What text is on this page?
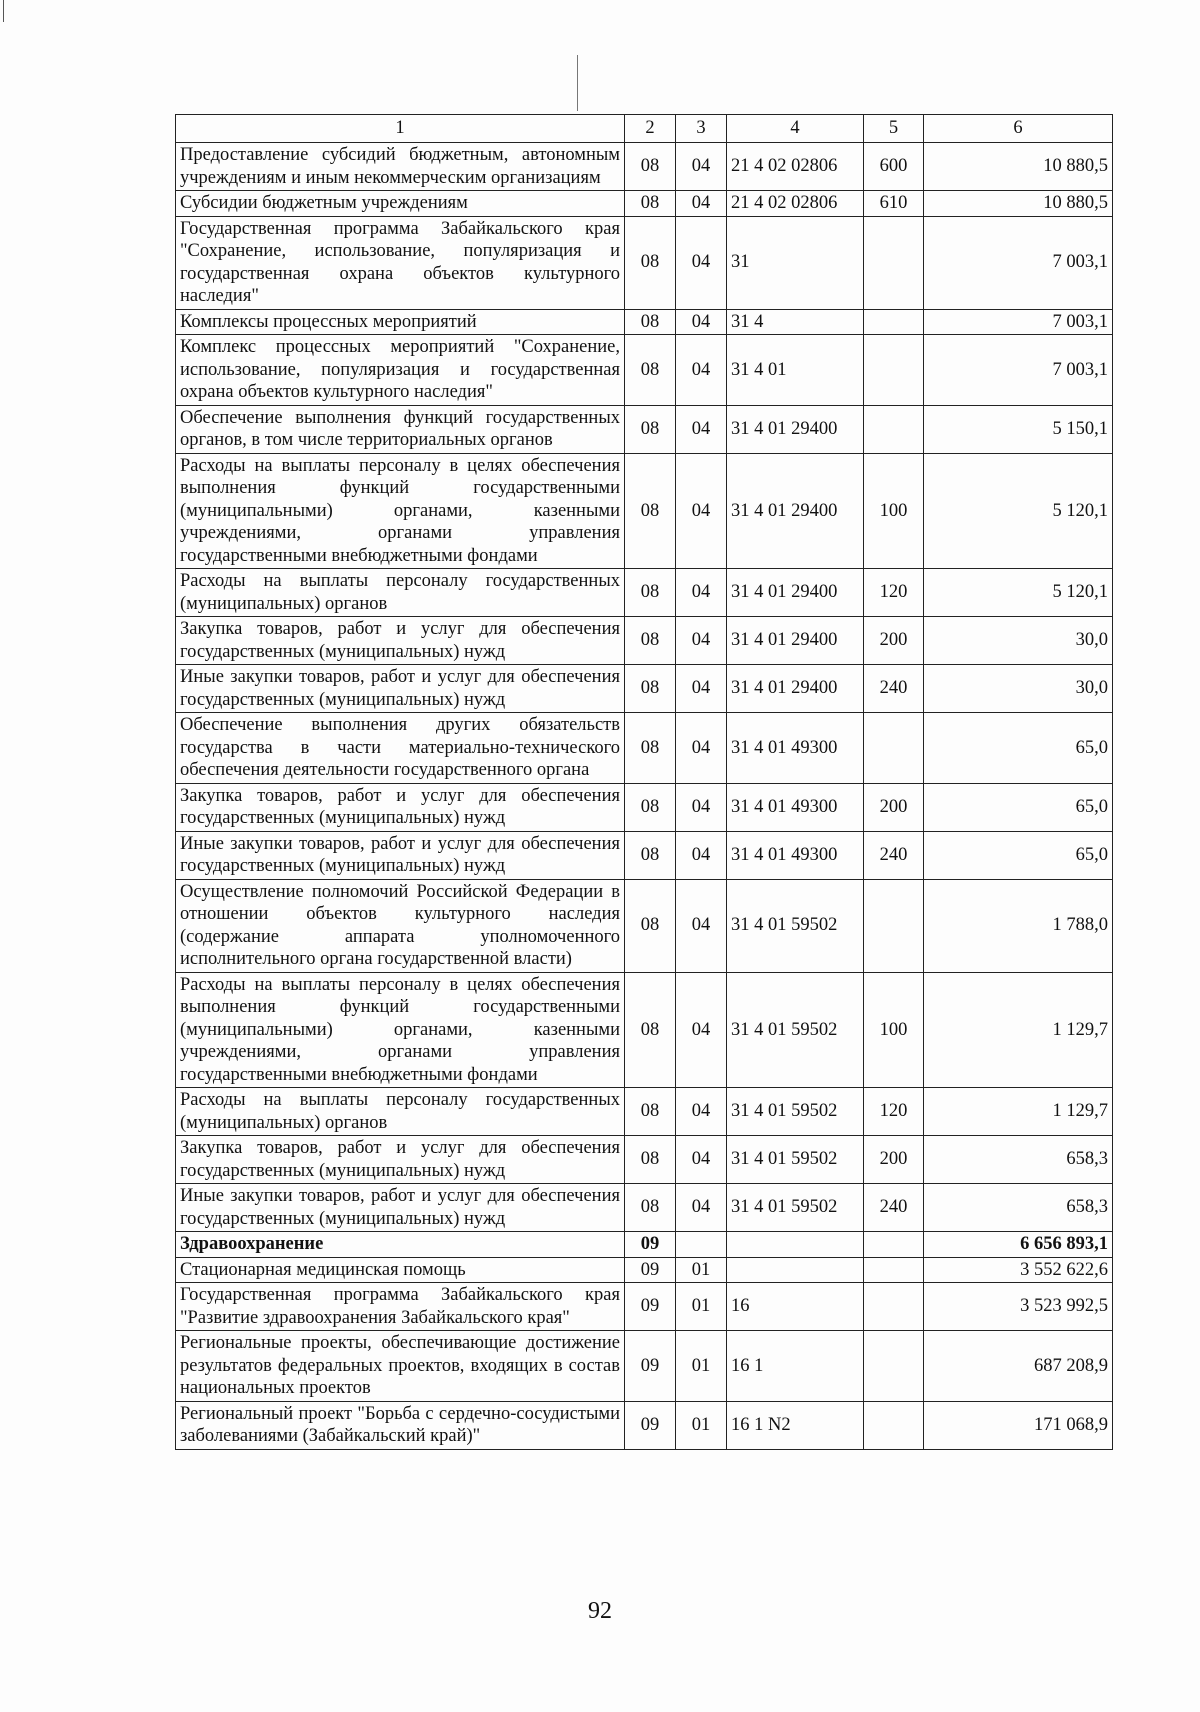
1	2	3	4	5	6
Предоставление субсидий бюджетным, автономным учреждениям и иным некоммерческим организациям	08	04	21 4 02 02806	600	10 880,5
Субсидии бюджетным учреждениям	08	04	21 4 02 02806	610	10 880,5
Государственная программа Забайкальского края "Сохранение, использование, популяризация и государственная охрана объектов культурного наследия"	08	04	31		7 003,1
Комплексы процессных мероприятий	08	04	31 4		7 003,1
Комплекс процессных мероприятий "Сохранение, использование, популяризация и государственная охрана объектов культурного наследия"	08	04	31 4 01		7 003,1
Обеспечение выполнения функций государственных органов, в том числе территориальных органов	08	04	31 4 01 29400		5 150,1
Расходы на выплаты персоналу в целях обеспечения выполнения функций государственными (муниципальными) органами, казенными учреждениями, органами управления государственными внебюджетными фондами	08	04	31 4 01 29400	100	5 120,1
Расходы на выплаты персоналу государственных (муниципальных) органов	08	04	31 4 01 29400	120	5 120,1
Закупка товаров, работ и услуг для обеспечения государственных (муниципальных) нужд	08	04	31 4 01 29400	200	30,0
Иные закупки товаров, работ и услуг для обеспечения государственных (муниципальных) нужд	08	04	31 4 01 29400	240	30,0
Обеспечение выполнения других обязательств государства в части материально-технического обеспечения деятельности государственного органа	08	04	31 4 01 49300		65,0
Закупка товаров, работ и услуг для обеспечения государственных (муниципальных) нужд	08	04	31 4 01 49300	200	65,0
Иные закупки товаров, работ и услуг для обеспечения государственных (муниципальных) нужд	08	04	31 4 01 49300	240	65,0
Осуществление полномочий Российской Федерации в отношении объектов культурного наследия (содержание аппарата уполномоченного исполнительного органа государственной власти)	08	04	31 4 01 59502		1 788,0
Расходы на выплаты персоналу в целях обеспечения выполнения функций государственными (муниципальными) органами, казенными учреждениями, органами управления государственными внебюджетными фондами	08	04	31 4 01 59502	100	1 129,7
Расходы на выплаты персоналу государственных (муниципальных) органов	08	04	31 4 01 59502	120	1 129,7
Закупка товаров, работ и услуг для обеспечения государственных (муниципальных) нужд	08	04	31 4 01 59502	200	658,3
Иные закупки товаров, работ и услуг для обеспечения государственных (муниципальных) нужд	08	04	31 4 01 59502	240	658,3
Здравоохранение	09				6 656 893,1
Стационарная медицинская помощь	09	01			3 552 622,6
Государственная программа Забайкальского края "Развитие здравоохранения Забайкальского края"	09	01	16		3 523 992,5
Региональные проекты, обеспечивающие достижение результатов федеральных проектов, входящих в состав национальных проектов	09	01	16 1		687 208,9
Региональный проект "Борьба с сердечно-сосудистыми заболеваниями (Забайкальский край)"	09	01	16 1 N2		171 068,9
92
